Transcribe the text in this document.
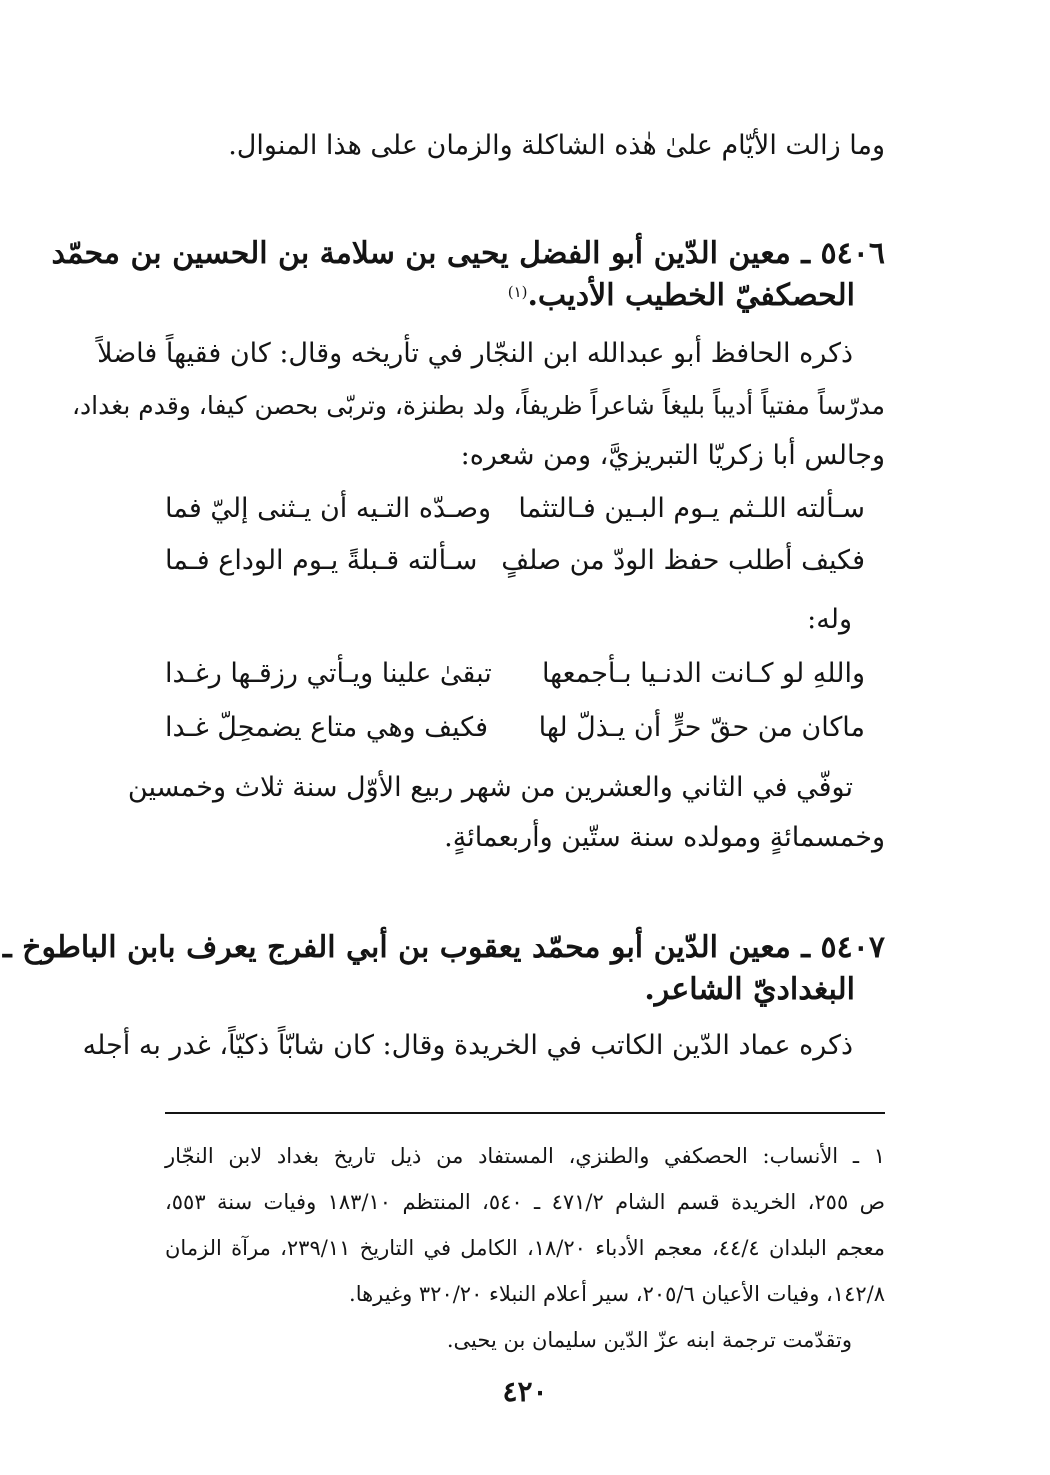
وما زالت الأيّام علىٰ هٰذه الشاكلة والزمان على هذا المنوال.
٥٤٠٦ ـ معين الدّين أبو الفضل يحيى بن سلامة بن الحسين بن محمّد
الحصكفيّ الخطيب الأديب.$^{(١)}$
ذكره الحافظ أبو عبدالله ابن النجّار في تأريخه وقال: كان فقيهاً فاضلاً
مدرّساً مفتياً أديباً بليغاً شاعراً ظريفاً، ولد بطنزة، وتربّى بحصن كيفا، وقدم بغداد،
وجالس أبا زكريّا التبريزيَّ، ومن شعره:
سـألته اللـثم يـوم البـين فـالتثما
وصـدّه التـيه أن يـثنى إليّ فما
فكيف أطلب حفظ الودّ من صلفٍ
سـألته قـبلةً يـوم الوداع فـما
وله:
واللهِ لو كـانت الدنـيا بـأجمعها
تبقىٰ علينا ويـأتي رزقـها رغـدا
ماكان من حقّ حرٍّ أن يـذلّ لها
فكيف وهي متاع يضمحِلّ غـدا
توفّي في الثاني والعشرين من شهر ربيع الأوّل سنة ثلاث وخمسين
وخمسمائةٍ ومولده سنة ستّين وأربعمائةٍ.
٥٤٠٧ ـ معين الدّين أبو محمّد يعقوب بن أبي الفرج يعرف بابن الباطوخ ـ
البغداديّ الشاعر.
ذكره عماد الدّين الكاتب في الخريدة وقال: كان شابّاً ذكيّاً، غدر به أجله
١ ـ الأنساب: الحصكفي والطنزي، المستفاد من ذيل تاريخ بغداد لابن النجّار
ص ٢٥٥، الخريدة قسم الشام ٤٧١/٢ ـ ٥٤٠، المنتظم ١٨٣/١٠ وفيات سنة ٥٥٣،
معجم البلدان ٤٤/٤، معجم الأدباء ١٨/٢٠، الكامل في التاريخ ٢٣٩/١١، مرآة الزمان
١٤٢/٨، وفيات الأعيان ٢٠٥/٦، سير أعلام النبلاء ٣٢٠/٢٠ وغيرها.
وتقدّمت ترجمة ابنه عزّ الدّين سليمان بن يحيى.
٤٢٠
